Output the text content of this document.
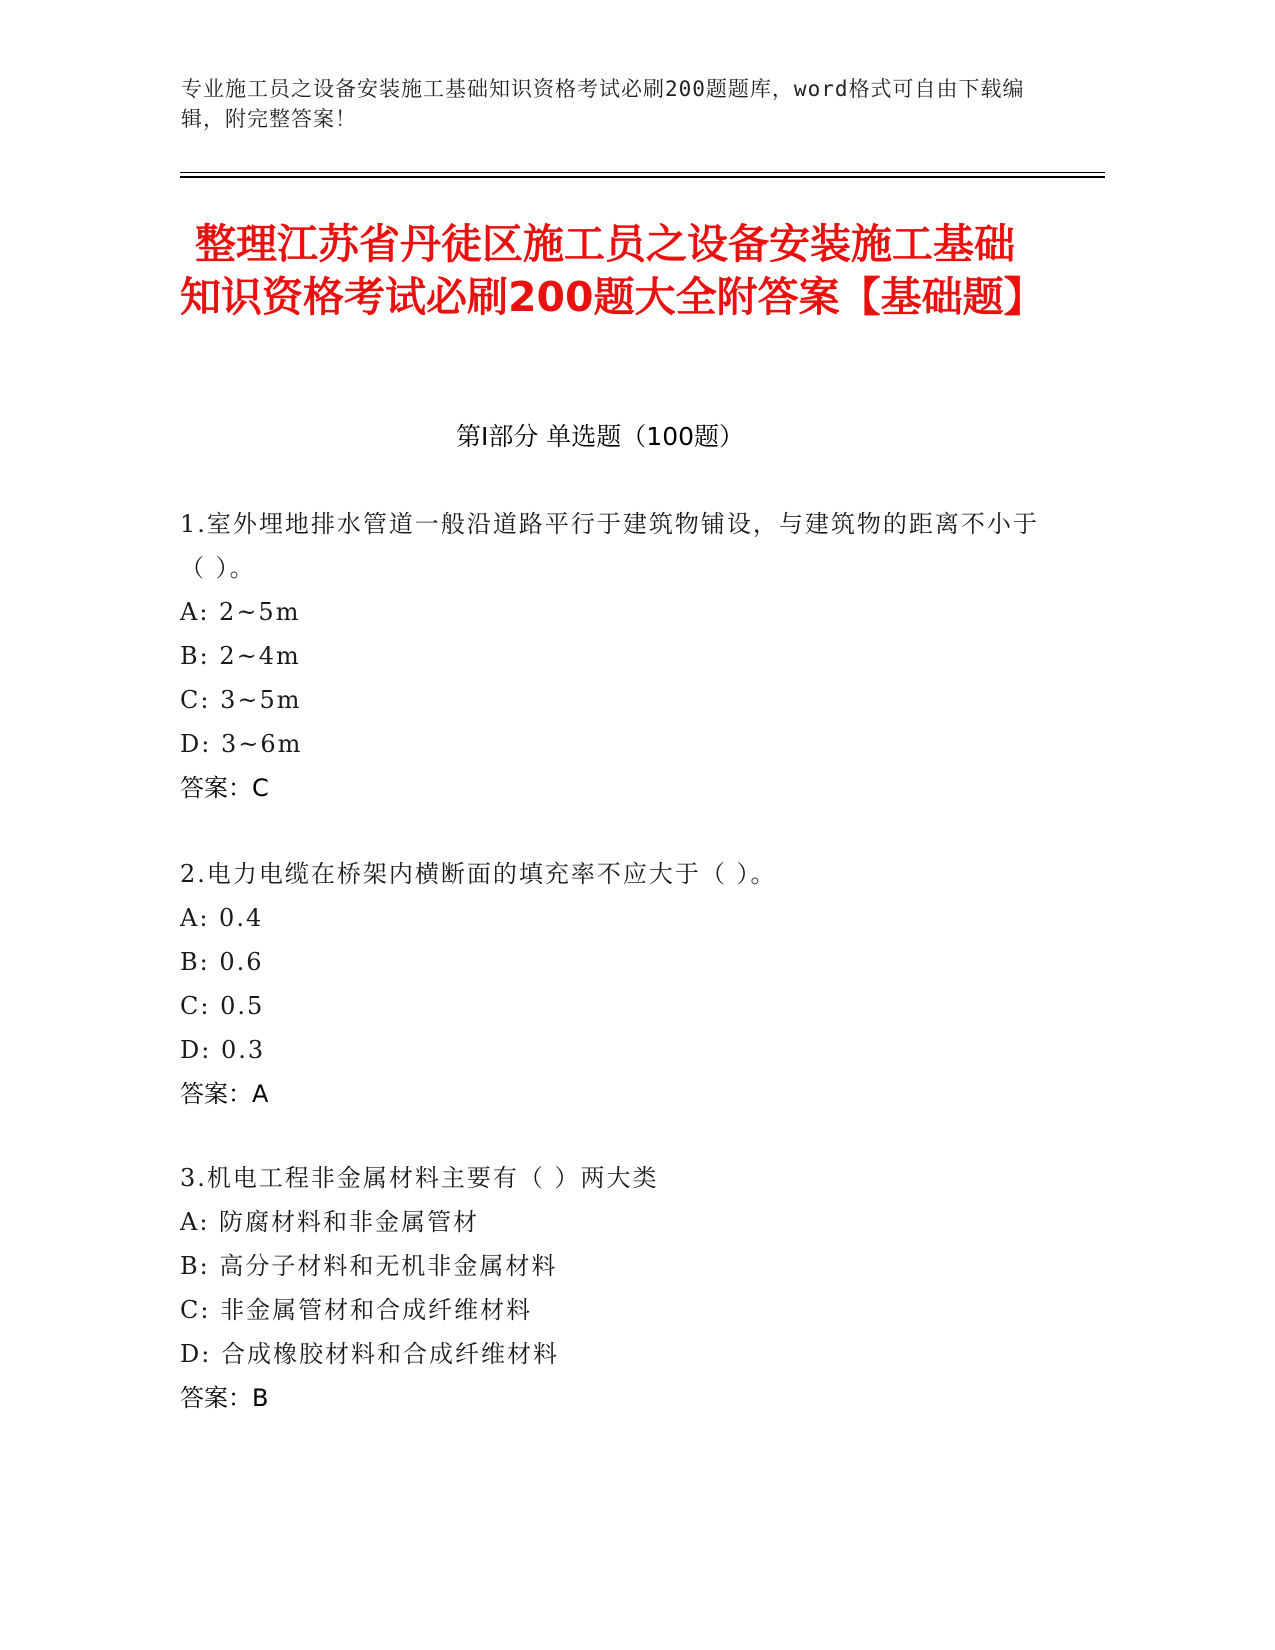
专业施工员之设备安装施工基础知识资格考试必刷200题题库，word格式可自由下载编辑，附完整答案！
整理江苏省丹徒区施工员之设备安装施工基础知识资格考试必刷200题大全附答案【基础题】
第Ⅰ部分 单选题（100题）

1.室外埋地排水管道一般沿道路平行于建筑物铺设，与建筑物的距离不小于（ ）。

A: 2~5m

B: 2~4m

C: 3~5m

D: 3~6m

答案：C

2.电力电缆在桥架内横断面的填充率不应大于（ ）。

A: 0.4

B: 0.6

C: 0.5

D: 0.3

答案：A

3.机电工程非金属材料主要有（ ）两大类

A: 防腐材料和非金属管材

B: 高分子材料和无机非金属材料

C: 非金属管材和合成纤维材料

D: 合成橡胶材料和合成纤维材料

答案：B
